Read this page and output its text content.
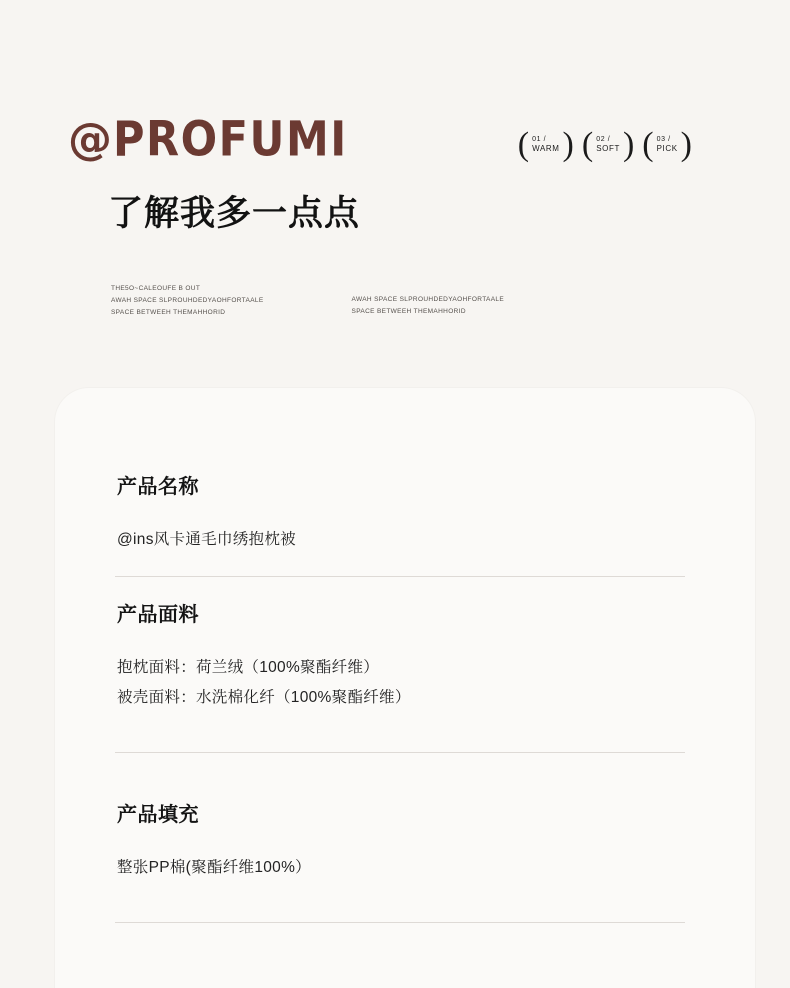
@ PROFUMI	( 01 /
WARM ) ( 02 /
SOFT ) ( 03 /
PICK )
了解我多一点点
THE5O~CALEOUFE B OUT
AWAH SPACE SLPROUHDEDYAOHFORTAALE
SPACE BETWEEH THEMAHHORID
AWAH SPACE SLPROUHDEDYAOHFORTAALE
SPACE BETWEEH THEMAHHORID
产品名称

@ins风卡通毛巾绣抱枕被

产品面料

抱枕面料：荷兰绒（100%聚酯纤维）

被壳面料：水洗棉化纤（100%聚酯纤维）

产品填充

整张PP棉(聚酯纤维100%）
